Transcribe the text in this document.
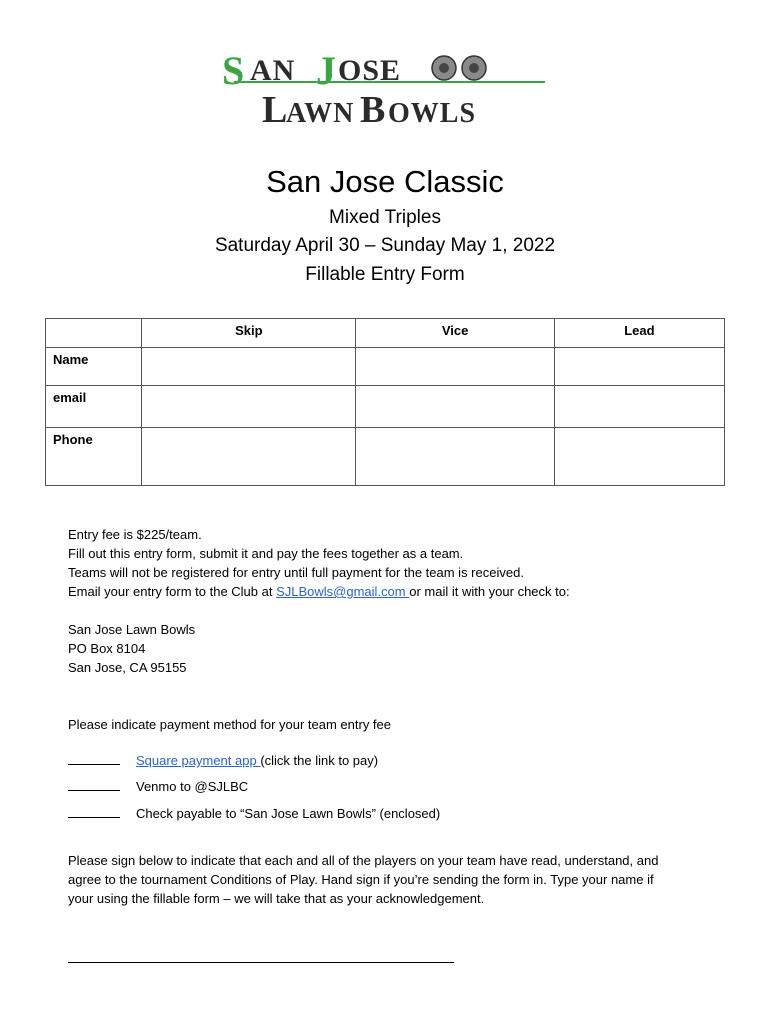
S AN J OSE
L
AWN B OWLS
San Jose Classic
Mixed Triples
Saturday April 30 – Sunday May 1, 2022
Fillable Entry Form
	Skip	Vice	Lead
Name			
email			
Phone			
Entry fee is $225/team.
Fill out this entry form, submit it and pay the fees together as a team.
Teams will not be registered for entry until full payment for the team is received.
Email your entry form to the Club at SJLBowls@gmail.com or mail it with your check to:
San Jose Lawn Bowls
PO Box 8104
San Jose, CA 95155
Please indicate payment method for your team entry fee
Square payment app (click the link to pay)
Venmo to @SJLBC
Check payable to “San Jose Lawn Bowls” (enclosed)
Please sign below to indicate that each and all of the players on your team have read, understand, and
agree to the tournament Conditions of Play. Hand sign if you’re sending the form in. Type your name if
your using the fillable form – we will take that as your acknowledgement.
